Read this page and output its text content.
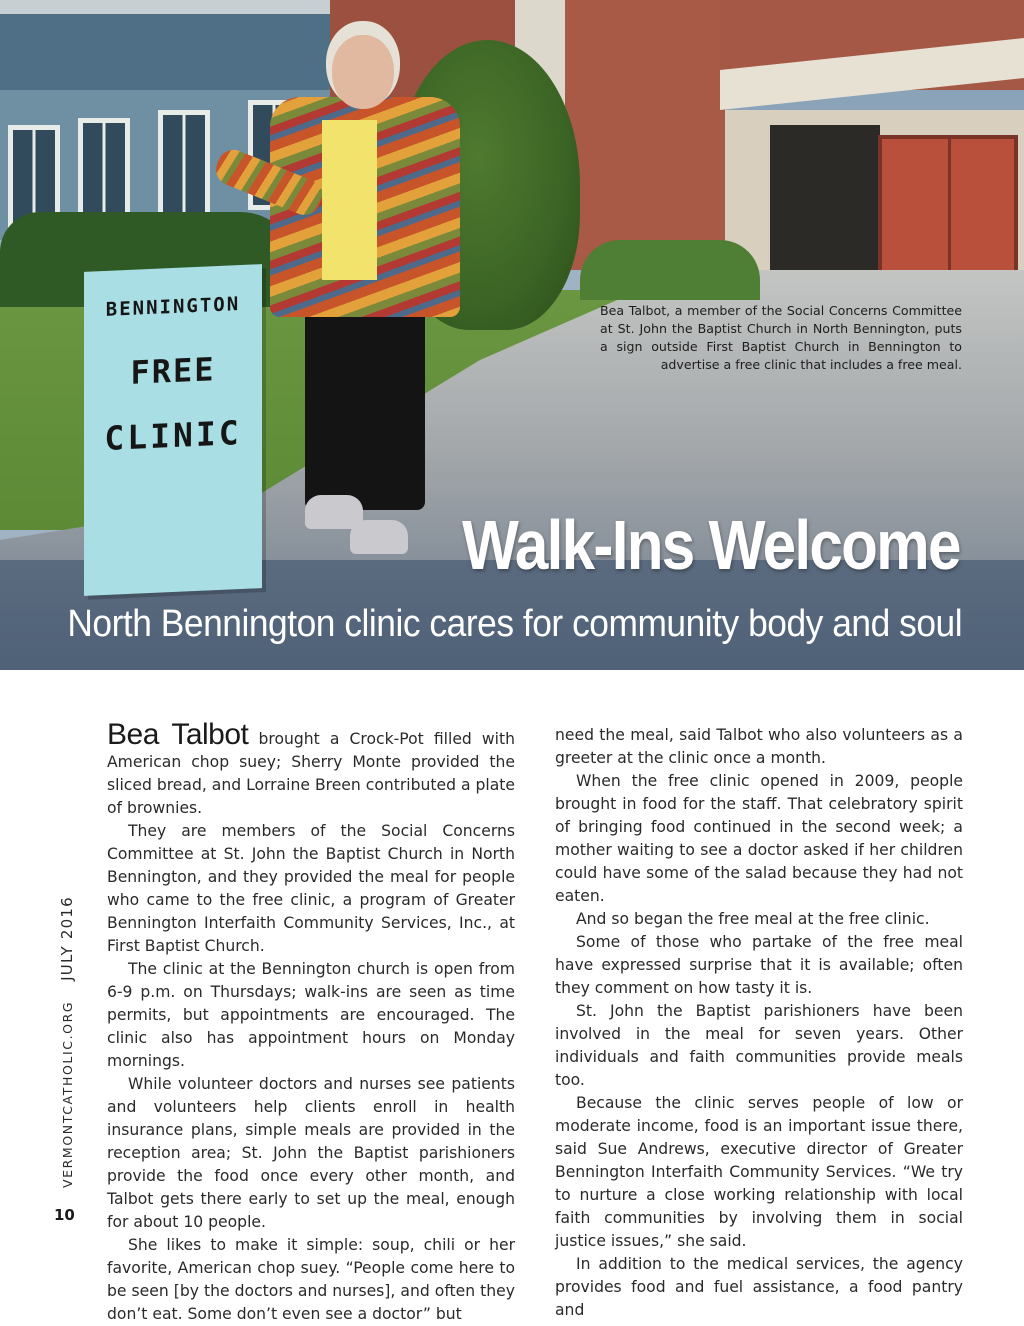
BENNINGTON
FREE
CLINIC
Bea Talbot, a member of the Social Concerns Committee at St. John the Baptist Church in North Bennington, puts a sign outside First Baptist Church in Bennington to advertise a free clinic that includes a free meal.
Walk-Ins Welcome
North Bennington clinic cares for community body and soul

Bea Talbot brought a Crock-Pot filled with American chop suey; Sherry Monte provided the sliced bread, and Lorraine Breen contributed a plate of brownies.

They are members of the Social Concerns Committee at St. John the Baptist Church in North Bennington, and they provided the meal for people who came to the free clinic, a program of Greater Bennington Interfaith Community Services, Inc., at First Baptist Church.

The clinic at the Bennington church is open from 6-9 p.m. on Thursdays; walk-ins are seen as time permits, but appointments are encouraged. The clinic also has appointment hours on Monday mornings.

While volunteer doctors and nurses see patients and volunteers help clients enroll in health insurance plans, simple meals are provided in the reception area; St. John the Baptist parishioners provide the food once every other month, and Talbot gets there early to set up the meal, enough for about 10 people.

She likes to make it simple: soup, chili or her favorite, American chop suey. “People come here to be seen [by the doctors and nurses], and often they don’t eat. Some don’t even see a doctor” but

need the meal, said Talbot who also volunteers as a greeter at the clinic once a month.

When the free clinic opened in 2009, people brought in food for the staff. That celebratory spirit of bringing food continued in the second week; a mother waiting to see a doctor asked if her children could have some of the salad because they had not eaten.

And so began the free meal at the free clinic.

Some of those who partake of the free meal have expressed surprise that it is available; often they comment on how tasty it is.

St. John the Baptist parishioners have been involved in the meal for seven years. Other individuals and faith communities provide meals too.

Because the clinic serves people of low or moderate income, food is an important issue there, said Sue Andrews, executive director of Greater Bennington Interfaith Community Services. “We try to nurture a close working relationship with local faith communities by involving them in social justice issues,” she said.

In addition to the medical services, the agency provides food and fuel assistance, a food pantry and

VERMONTCATHOLIC.ORGJULY 2016
10
